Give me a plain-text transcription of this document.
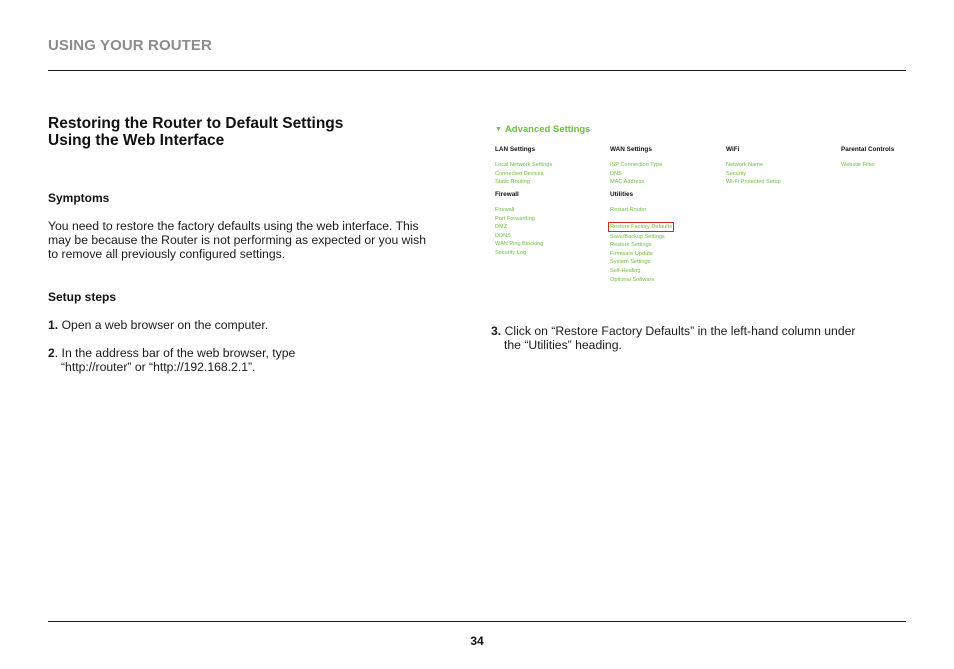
USING YOUR ROUTER
Restoring the Router to Default Settings Using the Web Interface
Symptoms
You need to restore the factory defaults using the web interface. This may be because the Router is not performing as expected or you wish to remove all previously configured settings.
Setup steps
1. Open a web browser on the computer.
2. In the address bar of the web browser, type
“http://router” or “http://192.168.2.1”.
3. Click on “Restore Factory Defaults” in the left-hand column under
the “Utilities” heading.
▼ Advanced Settings
LAN Settings
Local Network Settings
Connected Devices
Static Routing
Firewall
Firewall
Port Forwarding
DMZ
DDNS
WAN Ping Blocking
Security Log
WAN Settings
ISP Connection Type
DNS
MAC Address
Utilities
Restart Router
Restore Factory Defaults
Save/Backup Settings
Restore Settings
Firmware Update
System Settings
Self-Healing
Optional Software
WiFi
Network Name
Security
Wi-Fi Protected Setup
Parental Controls
Website Filter
34
